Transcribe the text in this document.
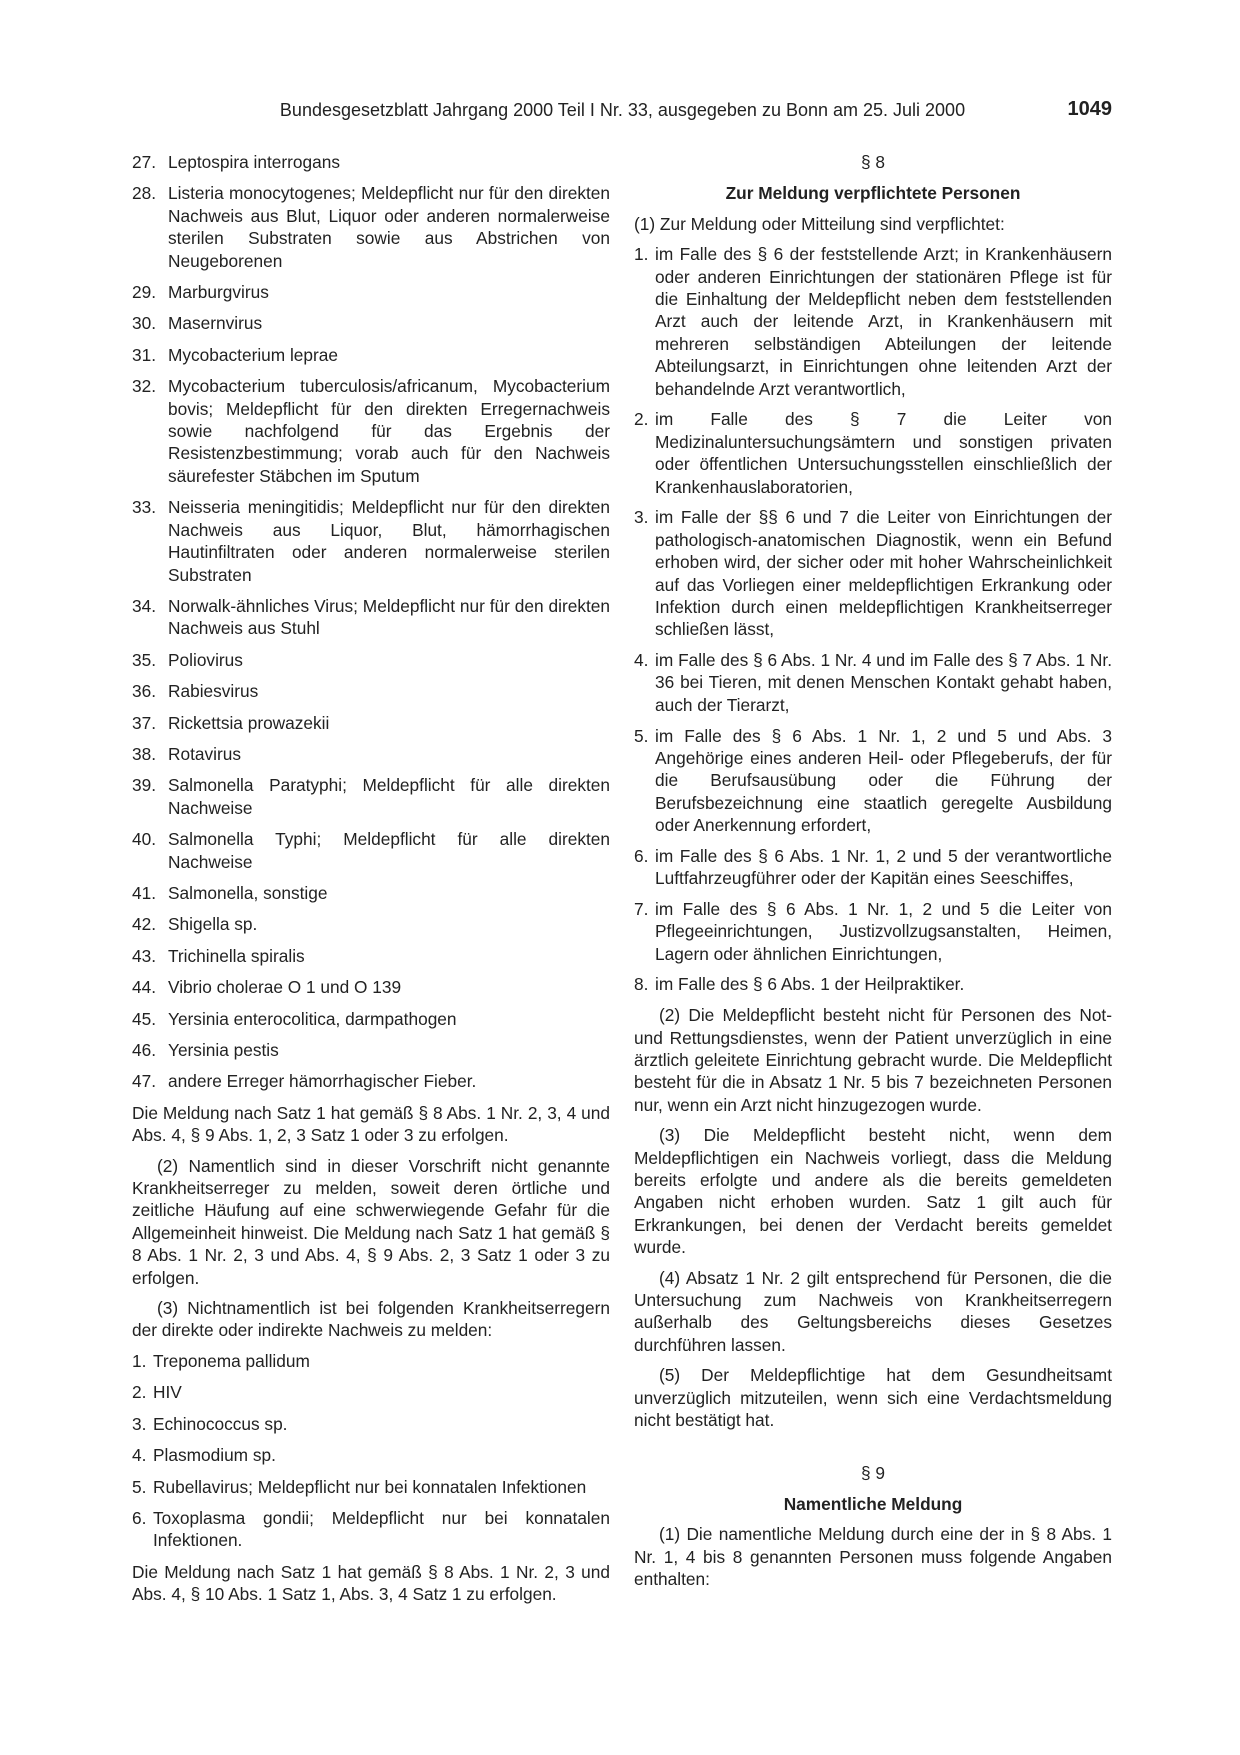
Bundesgesetzblatt Jahrgang 2000 Teil I Nr. 33, ausgegeben zu Bonn am 25. Juli 2000	1049
27. Leptospira interrogans
28. Listeria monocytogenes; Meldepflicht nur für den direkten Nachweis aus Blut, Liquor oder anderen normalerweise sterilen Substraten sowie aus Abstrichen von Neugeborenen
29. Marburgvirus
30. Masernvirus
31. Mycobacterium leprae
32. Mycobacterium tuberculosis/africanum, Mycobacterium bovis; Meldepflicht für den direkten Erregernachweis sowie nachfolgend für das Ergebnis der Resistenzbestimmung; vorab auch für den Nachweis säurefester Stäbchen im Sputum
33. Neisseria meningitidis; Meldepflicht nur für den direkten Nachweis aus Liquor, Blut, hämorrhagischen Hautinfiltraten oder anderen normalerweise sterilen Substraten
34. Norwalk-ähnliches Virus; Meldepflicht nur für den direkten Nachweis aus Stuhl
35. Poliovirus
36. Rabiesvirus
37. Rickettsia prowazekii
38. Rotavirus
39. Salmonella Paratyphi; Meldepflicht für alle direkten Nachweise
40. Salmonella Typhi; Meldepflicht für alle direkten Nachweise
41. Salmonella, sonstige
42. Shigella sp.
43. Trichinella spiralis
44. Vibrio cholerae O 1 und O 139
45. Yersinia enterocolitica, darmpathogen
46. Yersinia pestis
47. andere Erreger hämorrhagischer Fieber.

Die Meldung nach Satz 1 hat gemäß § 8 Abs. 1 Nr. 2, 3, 4 und Abs. 4, § 9 Abs. 1, 2, 3 Satz 1 oder 3 zu erfolgen.

(2) Namentlich sind in dieser Vorschrift nicht genannte Krankheitserreger zu melden, soweit deren örtliche und zeitliche Häufung auf eine schwerwiegende Gefahr für die Allgemeinheit hinweist. Die Meldung nach Satz 1 hat gemäß § 8 Abs. 1 Nr. 2, 3 und Abs. 4, § 9 Abs. 2, 3 Satz 1 oder 3 zu erfolgen.

(3) Nichtnamentlich ist bei folgenden Krankheitserregern der direkte oder indirekte Nachweis zu melden:

1. Treponema pallidum
2. HIV
3. Echinococcus sp.
4. Plasmodium sp.
5. Rubellavirus; Meldepflicht nur bei konnatalen Infektionen
6. Toxoplasma gondii; Meldepflicht nur bei konnatalen Infektionen.

Die Meldung nach Satz 1 hat gemäß § 8 Abs. 1 Nr. 2, 3 und Abs. 4, § 10 Abs. 1 Satz 1, Abs. 3, 4 Satz 1 zu erfolgen.

§ 8

Zur Meldung verpflichtete Personen

(1) Zur Meldung oder Mitteilung sind verpflichtet:

1. im Falle des § 6 der feststellende Arzt; in Krankenhäusern oder anderen Einrichtungen der stationären Pflege ist für die Einhaltung der Meldepflicht neben dem feststellenden Arzt auch der leitende Arzt, in Krankenhäusern mit mehreren selbständigen Abteilungen der leitende Abteilungsarzt, in Einrichtungen ohne leitenden Arzt der behandelnde Arzt verantwortlich,
2. im Falle des § 7 die Leiter von Medizinaluntersuchungsämtern und sonstigen privaten oder öffentlichen Untersuchungsstellen einschließlich der Krankenhauslaboratorien,
3. im Falle der §§ 6 und 7 die Leiter von Einrichtungen der pathologisch-anatomischen Diagnostik, wenn ein Befund erhoben wird, der sicher oder mit hoher Wahrscheinlichkeit auf das Vorliegen einer meldepflichtigen Erkrankung oder Infektion durch einen meldepflichtigen Krankheitserreger schließen lässt,
4. im Falle des § 6 Abs. 1 Nr. 4 und im Falle des § 7 Abs. 1 Nr. 36 bei Tieren, mit denen Menschen Kontakt gehabt haben, auch der Tierarzt,
5. im Falle des § 6 Abs. 1 Nr. 1, 2 und 5 und Abs. 3 Angehörige eines anderen Heil- oder Pflegeberufs, der für die Berufsausübung oder die Führung der Berufsbezeichnung eine staatlich geregelte Ausbildung oder Anerkennung erfordert,
6. im Falle des § 6 Abs. 1 Nr. 1, 2 und 5 der verantwortliche Luftfahrzeugführer oder der Kapitän eines Seeschiffes,
7. im Falle des § 6 Abs. 1 Nr. 1, 2 und 5 die Leiter von Pflegeeinrichtungen, Justizvollzugsanstalten, Heimen, Lagern oder ähnlichen Einrichtungen,
8. im Falle des § 6 Abs. 1 der Heilpraktiker.

(2) Die Meldepflicht besteht nicht für Personen des Not- und Rettungsdienstes, wenn der Patient unverzüglich in eine ärztlich geleitete Einrichtung gebracht wurde. Die Meldepflicht besteht für die in Absatz 1 Nr. 5 bis 7 bezeichneten Personen nur, wenn ein Arzt nicht hinzugezogen wurde.

(3) Die Meldepflicht besteht nicht, wenn dem Meldepflichtigen ein Nachweis vorliegt, dass die Meldung bereits erfolgte und andere als die bereits gemeldeten Angaben nicht erhoben wurden. Satz 1 gilt auch für Erkrankungen, bei denen der Verdacht bereits gemeldet wurde.

(4) Absatz 1 Nr. 2 gilt entsprechend für Personen, die die Untersuchung zum Nachweis von Krankheitserregern außerhalb des Geltungsbereichs dieses Gesetzes durchführen lassen.

(5) Der Meldepflichtige hat dem Gesundheitsamt unverzüglich mitzuteilen, wenn sich eine Verdachtsmeldung nicht bestätigt hat.

§ 9

Namentliche Meldung

(1) Die namentliche Meldung durch eine der in § 8 Abs. 1 Nr. 1, 4 bis 8 genannten Personen muss folgende Angaben enthalten:
